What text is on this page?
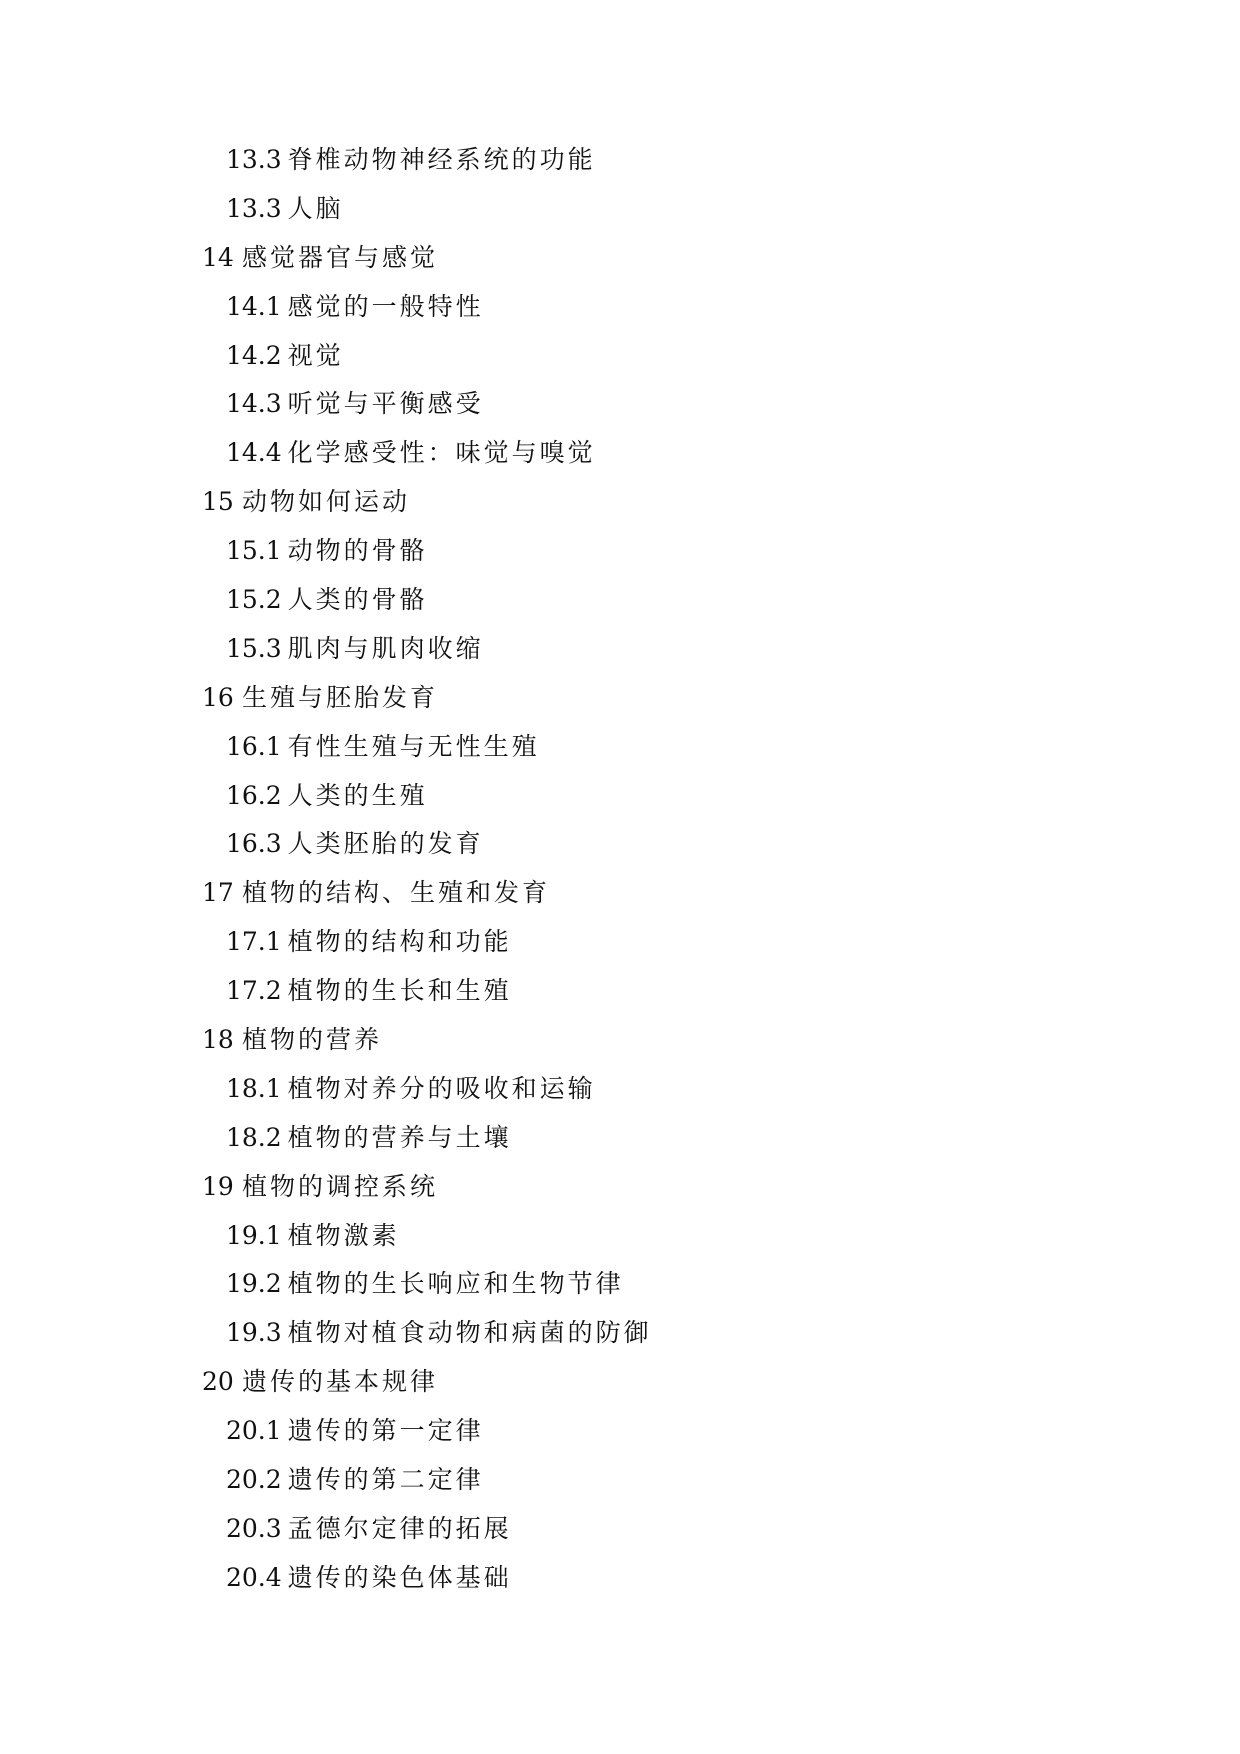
13.3 脊椎动物神经系统的功能
13.3 人脑
14 感觉器官与感觉
14.1 感觉的一般特性
14.2 视觉
14.3 听觉与平衡感受
14.4 化学感受性：味觉与嗅觉
15 动物如何运动
15.1 动物的骨骼
15.2 人类的骨骼
15.3 肌肉与肌肉收缩
16 生殖与胚胎发育
16.1 有性生殖与无性生殖
16.2 人类的生殖
16.3 人类胚胎的发育
17 植物的结构、生殖和发育
17.1 植物的结构和功能
17.2 植物的生长和生殖
18 植物的营养
18.1 植物对养分的吸收和运输
18.2 植物的营养与土壤
19 植物的调控系统
19.1 植物激素
19.2 植物的生长响应和生物节律
19.3 植物对植食动物和病菌的防御
20 遗传的基本规律
20.1 遗传的第一定律
20.2 遗传的第二定律
20.3 孟德尔定律的拓展
20.4 遗传的染色体基础
